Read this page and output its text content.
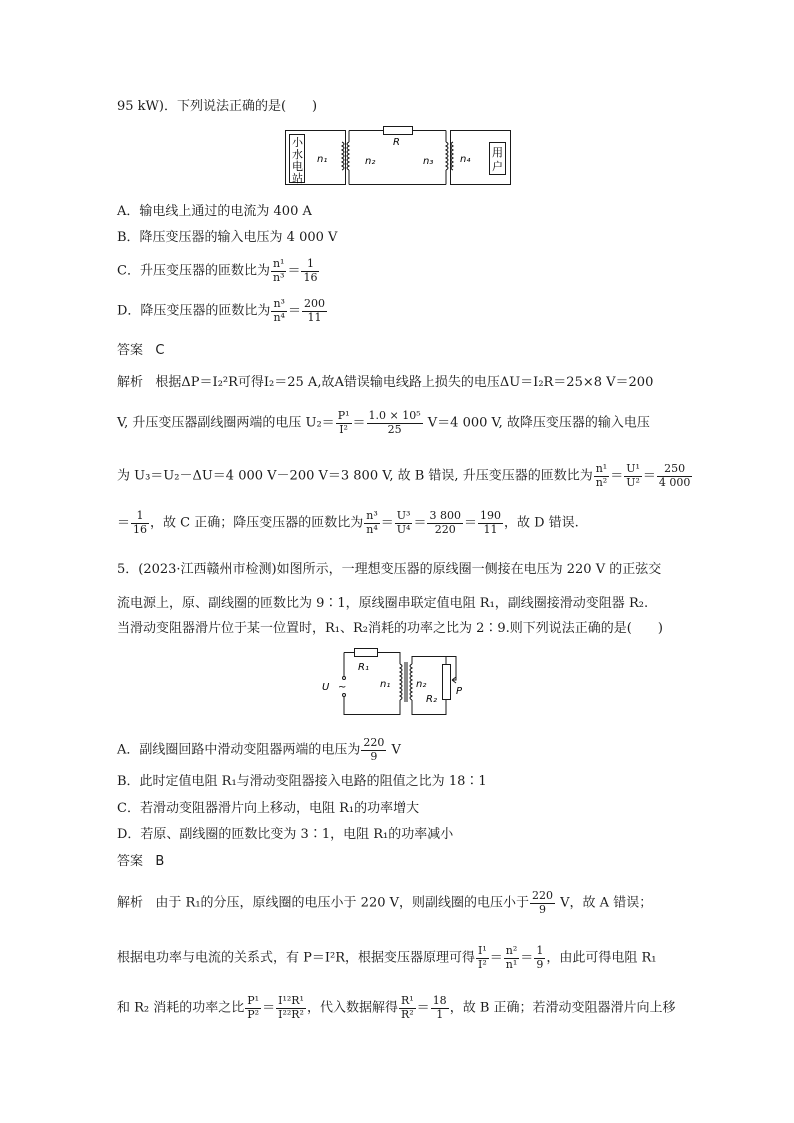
95 kW)．下列说法正确的是(　　)
小
水
电
站
n₁	n₂
R
n₃	n₄
用
户
A．输电线上通过的电流为 400 A
B．降压变压器的输入电压为 4 000 V
C．升压变压器的匝数比为 $\frac{\text{n¹}}{\text{n³}} = \frac{1}{16}$
D．降压变压器的匝数比为 $\frac{\text{n³}}{\text{n⁴}} = \frac{200}{11}$
答案 C
解析 根据ΔP＝I₂²R可得I₂＝25 A,故A错误输电线路上损失的电压ΔU＝I₂R＝25×8 V＝200
V, 升压变压器副线圈两端的电压 $U_2= \frac{\text{P¹}}{\text{I²}} = \frac{\text{1.0 × 10⁵}}{25} V=4$ 000 V, 故降压变压器的输入电压
为 U₃＝U₂－ΔU＝4 000 V－200 V＝3 800 V, 故 B 错误, 升压变压器的匝数比为 $\frac{\text{n¹}}{\text{n²}} = \frac{\text{U¹}}{\text{U²}} = \frac{250}{4 000}$
＝ $\frac{1}{16}$ ，故 C 正确；降压变压器的匝数比为 $\frac{\text{n³}}{\text{n⁴}} = \frac{\text{U³}}{\text{U⁴}} = \frac{3 800}{220} = \frac{190}{11}$ ，故 D 错误.
5．(2023·江西赣州市检测)如图所示，一理想变压器的原线圈一侧接在电压为 220 V 的正弦交
流电源上，原、副线圈的匝数比为 9∶1，原线圈串联定值电阻 R₁，副线圈接滑动变阻器 R₂.
当滑动变阻器滑片位于某一位置时，R₁、R₂消耗的功率之比为 2∶9.则下列说法正确的是(　　)
R₁
U ~	n₁	n₂
R₂
P
A．副线圈回路中滑动变阻器两端的电压为 $\frac{220}{9}$ V
B．此时定值电阻 R₁与滑动变阻器接入电路的阻值之比为 18∶1
C．若滑动变阻器滑片向上移动，电阻 R₁的功率增大
D．若原、副线圈的匝数比变为 3∶1，电阻 R₁的功率减小
答案 B
解析 由于 R₁的分压，原线圈的电压小于 220 V，则副线圈的电压小于 $\frac{220}{9}$ V，故 A 错误；
根据电功率与电流的关系式，有 P＝I²R，根据变压器原理可得 $\frac{\text{I¹}}{\text{I²}} = \frac{\text{n²}}{\text{n¹}} = \frac{1}{9}$ ，由此可得电阻 R₁
和 R₂ 消耗的功率之比 $\frac{\text{P¹}}{\text{P²}} = \frac{\text{I¹²R¹}}{\text{I²²R²}}$ ，代入数据解得 $\frac{\text{R¹}}{\text{R²}} = \frac{18}{1}$ ，故 B 正确；若滑动变阻器滑片向上移
